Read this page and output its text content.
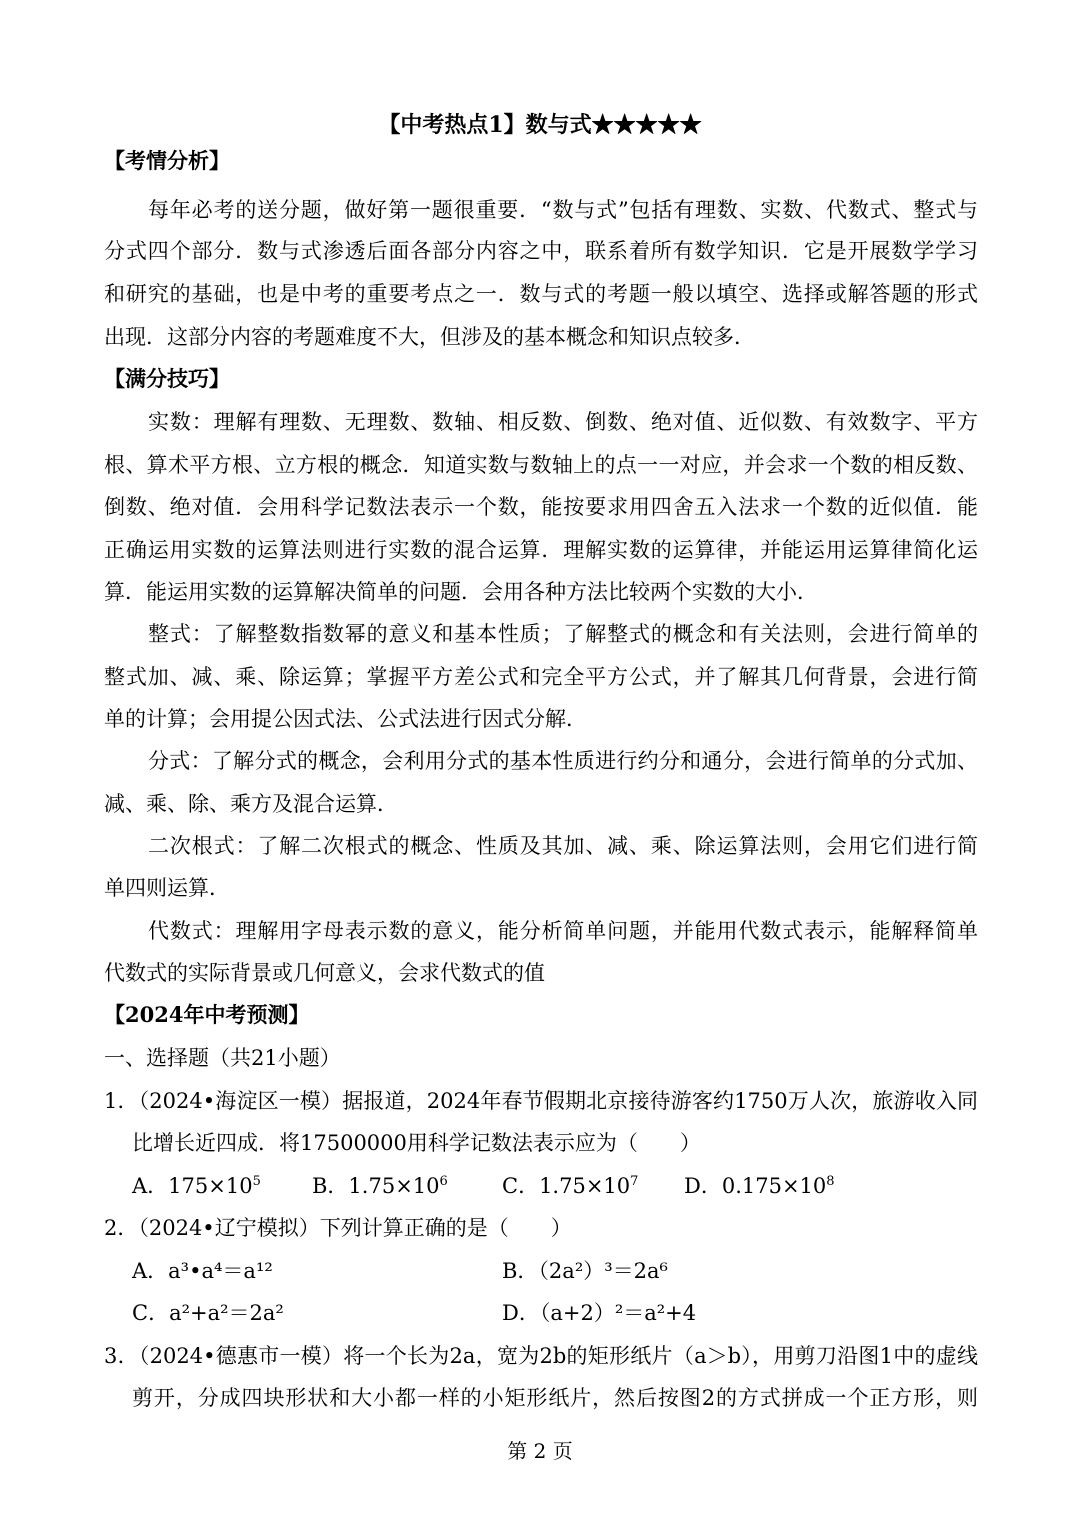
【中考热点1】数与式★★★★★
【考情分析】
每年必考的送分题，做好第一题很重要．“数与式”包括有理数、实数、代数式、整式与
分式四个部分．数与式渗透后面各部分内容之中，联系着所有数学知识．它是开展数学学习
和研究的基础，也是中考的重要考点之一．数与式的考题一般以填空、选择或解答题的形式
出现．这部分内容的考题难度不大，但涉及的基本概念和知识点较多．
【满分技巧】
实数：理解有理数、无理数、数轴、相反数、倒数、绝对值、近似数、有效数字、平方
根、算术平方根、立方根的概念．知道实数与数轴上的点一一对应，并会求一个数的相反数、
倒数、绝对值．会用科学记数法表示一个数，能按要求用四舍五入法求一个数的近似值．能
正确运用实数的运算法则进行实数的混合运算．理解实数的运算律，并能运用运算律简化运
算．能运用实数的运算解决简单的问题．会用各种方法比较两个实数的大小．
整式：了解整数指数幂的意义和基本性质；了解整式的概念和有关法则，会进行简单的
整式加、减、乘、除运算；掌握平方差公式和完全平方公式，并了解其几何背景，会进行简
单的计算；会用提公因式法、公式法进行因式分解．
分式：了解分式的概念，会利用分式的基本性质进行约分和通分，会进行简单的分式加、
减、乘、除、乘方及混合运算．
二次根式：了解二次根式的概念、性质及其加、减、乘、除运算法则，会用它们进行简
单四则运算．
代数式：理解用字母表示数的意义，能分析简单问题，并能用代数式表示，能解释简单
代数式的实际背景或几何意义，会求代数式的值
【2024年中考预测】
一、选择题（共21小题）
1．（2024•海淀区一模）据报道，2024年春节假期北京接待游客约1750万人次，旅游收入同
比增长近四成．将17500000用科学记数法表示应为（　　）
A．$175\times 10^5$ B．$1.75\times 10^6$	C．$1.75\times 10^7$ D．$0.175\times 10^8$
2．（2024•辽宁模拟）下列计算正确的是（　　）
A．a³•a⁴＝a¹²	B．（2a²）³＝2a⁶
C．a²+a²＝2a²	D．（a+2）²＝a²+4
3．（2024•德惠市一模）将一个长为2a，宽为2b的矩形纸片（a＞b），用剪刀沿图1中的虚线
剪开，分成四块形状和大小都一样的小矩形纸片，然后按图2的方式拼成一个正方形，则
第 2 页
